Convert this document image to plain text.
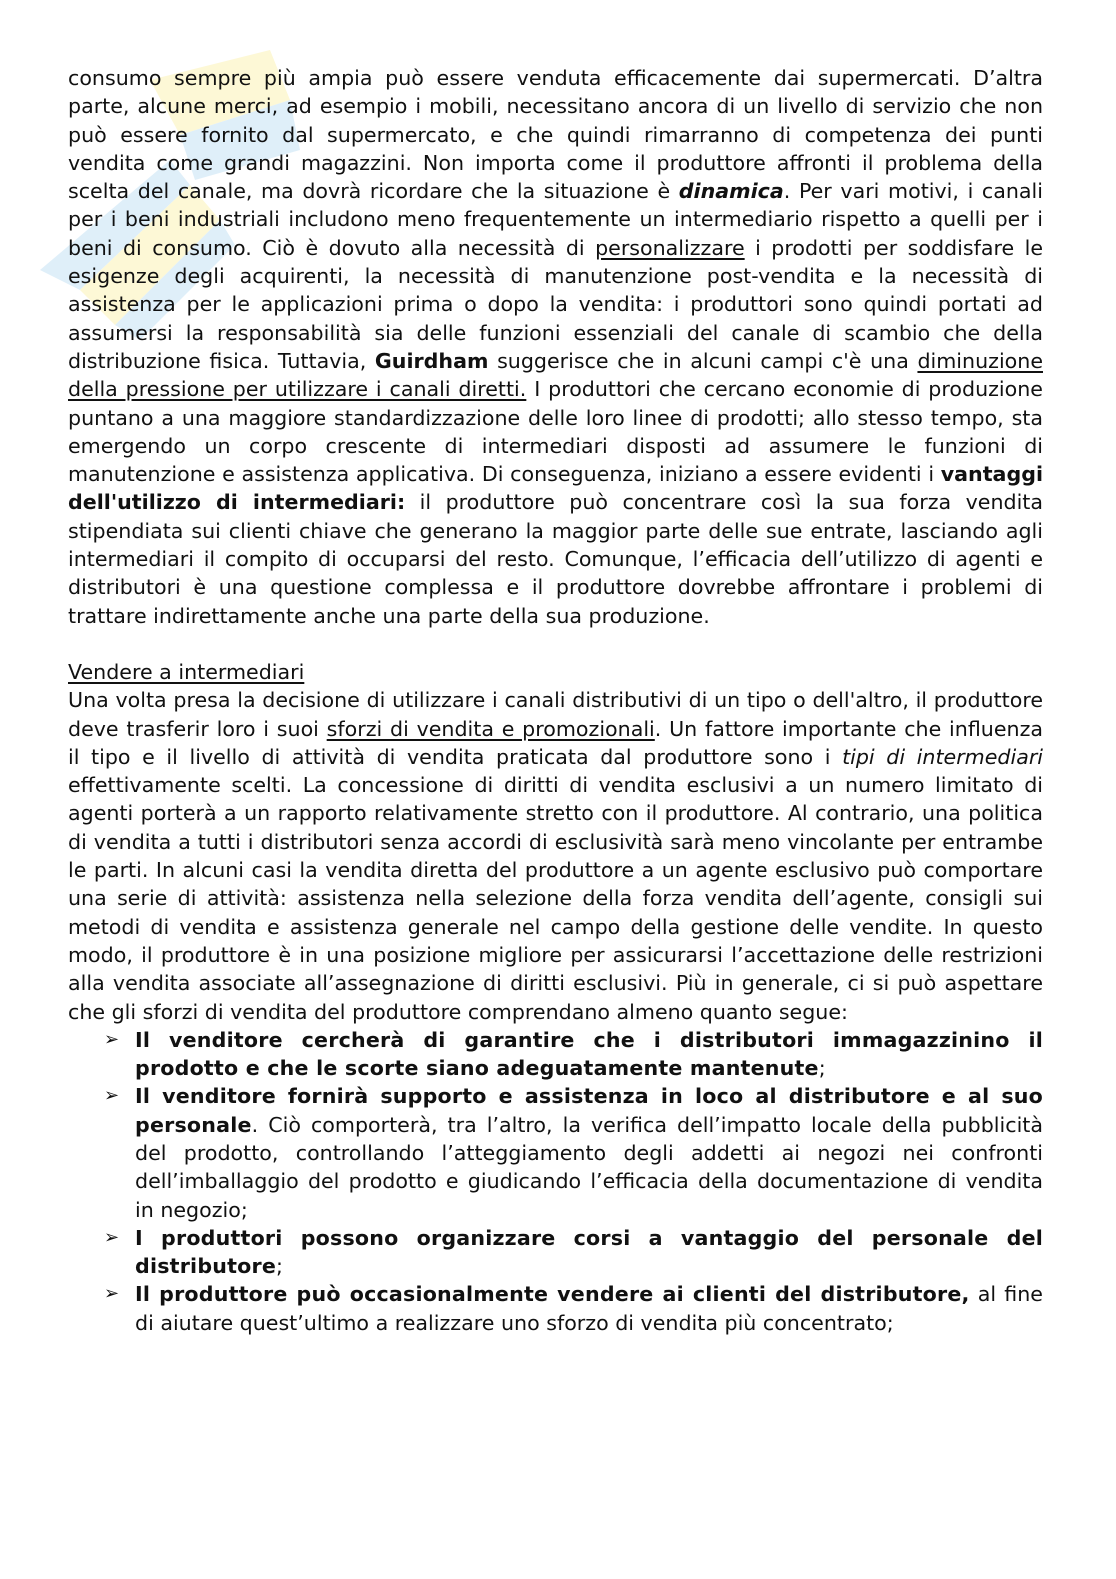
consumo sempre più ampia può essere venduta efficacemente dai supermercati. D’altra parte, alcune merci, ad esempio i mobili, necessitano ancora di un livello di servizio che non può essere fornito dal supermercato, e che quindi rimarranno di competenza dei punti vendita come grandi magazzini. Non importa come il produttore affronti il problema della scelta del canale, ma dovrà ricordare che la situazione è dinamica. Per vari motivi, i canali per i beni industriali includono meno frequentemente un intermediario rispetto a quelli per i beni di consumo. Ciò è dovuto alla necessità di personalizzare i prodotti per soddisfare le esigenze degli acquirenti, la necessità di manutenzione post-vendita e la necessità di assistenza per le applicazioni prima o dopo la vendita: i produttori sono quindi portati ad assumersi la responsabilità sia delle funzioni essenziali del canale di scambio che della distribuzione fisica. Tuttavia, Guirdham suggerisce che in alcuni campi c'è una diminuzione della pressione per utilizzare i canali diretti. I produttori che cercano economie di produzione puntano a una maggiore standardizzazione delle loro linee di prodotti; allo stesso tempo, sta emergendo un corpo crescente di intermediari disposti ad assumere le funzioni di manutenzione e assistenza applicativa. Di conseguenza, iniziano a essere evidenti i vantaggi dell'utilizzo di intermediari: il produttore può concentrare così la sua forza vendita stipendiata sui clienti chiave che generano la maggior parte delle sue entrate, lasciando agli intermediari il compito di occuparsi del resto. Comunque, l’efficacia dell’utilizzo di agenti e distributori è una questione complessa e il produttore dovrebbe affrontare i problemi di trattare indirettamente anche una parte della sua produzione.

Vendere a intermediari

Una volta presa la decisione di utilizzare i canali distributivi di un tipo o dell'altro, il produttore deve trasferir loro i suoi sforzi di vendita e promozionali. Un fattore importante che influenza il tipo e il livello di attività di vendita praticata dal produttore sono i tipi di intermediari effettivamente scelti. La concessione di diritti di vendita esclusivi a un numero limitato di agenti porterà a un rapporto relativamente stretto con il produttore. Al contrario, una politica di vendita a tutti i distributori senza accordi di esclusività sarà meno vincolante per entrambe le parti. In alcuni casi la vendita diretta del produttore a un agente esclusivo può comportare una serie di attività: assistenza nella selezione della forza vendita dell’agente, consigli sui metodi di vendita e assistenza generale nel campo della gestione delle vendite. In questo modo, il produttore è in una posizione migliore per assicurarsi l’accettazione delle restrizioni alla vendita associate all’assegnazione di diritti esclusivi. Più in generale, ci si può aspettare che gli sforzi di vendita del produttore comprendano almeno quanto segue:

➢ Il venditore cercherà di garantire che i distributori immagazzinino il prodotto e che le scorte siano adeguatamente mantenute;
➢ Il venditore fornirà supporto e assistenza in loco al distributore e al suo personale. Ciò comporterà, tra l’altro, la verifica dell’impatto locale della pubblicità del prodotto, controllando l’atteggiamento degli addetti ai negozi nei confronti dell’imballaggio del prodotto e giudicando l’efficacia della documentazione di vendita in negozio;
➢ I produttori possono organizzare corsi a vantaggio del personale del distributore;
➢ Il produttore può occasionalmente vendere ai clienti del distributore, al fine di aiutare quest’ultimo a realizzare uno sforzo di vendita più concentrato;
